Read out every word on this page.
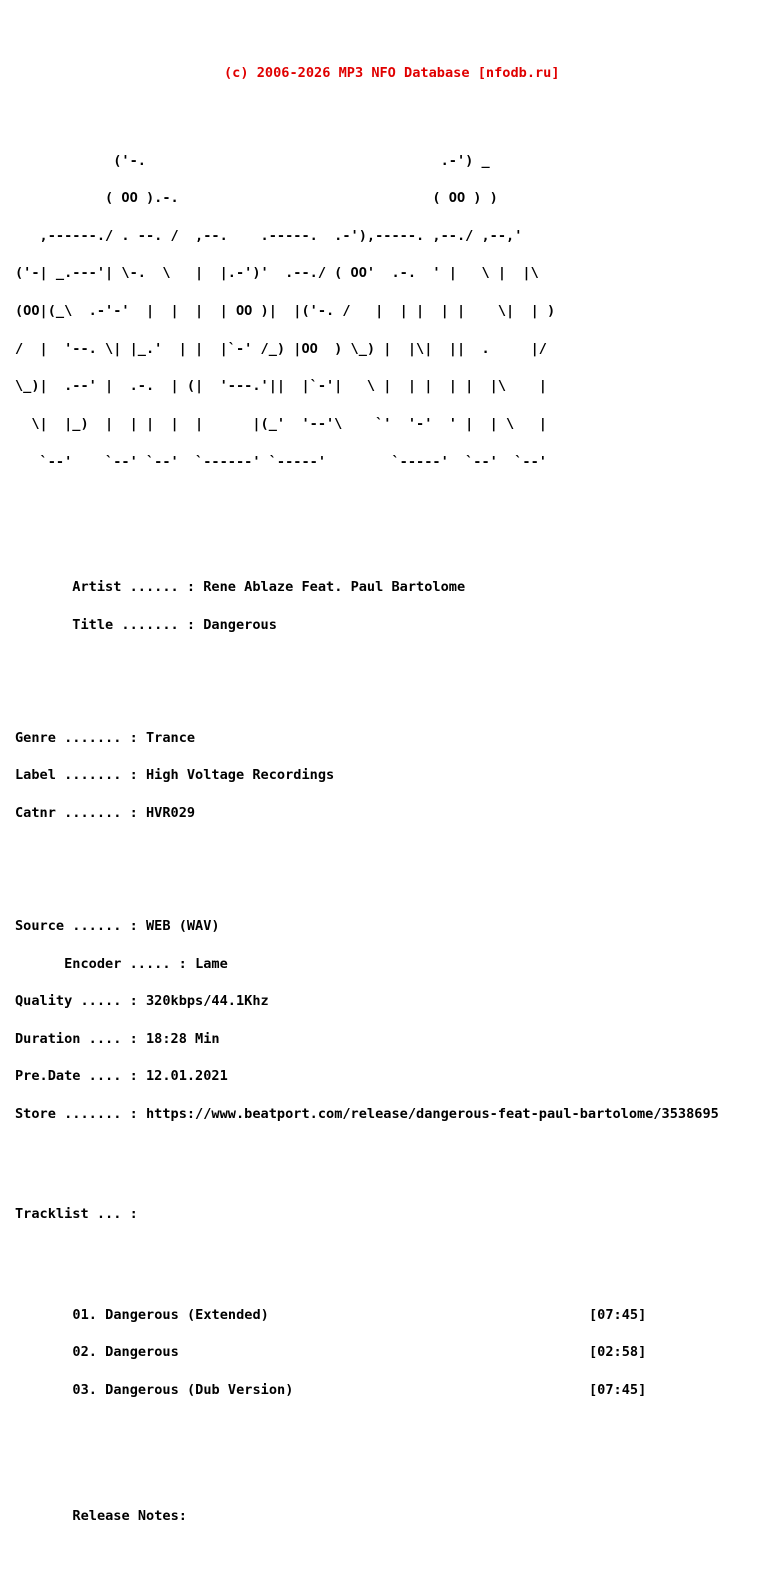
(c) 2006-2026 MP3 NFO Database [nfodb.ru]

('-.                                    .-') _

( OO ).-.                               ( OO ) )

,------./ . --. /  ,--.    .-----.  .-'),-----. ,--./ ,--,'

('-| _.---'| \-.  \   |  |.-')'  .--./ ( OO'  .-.  ' |   \ |  |\

(OO|(_\  .-'-'  |  |  |  | OO )|  |('-. /   |  | |  | |    \|  | )

/  |  '--. \| |_.'  | |  |`-' /_) |OO  ) \_) |  |\|  ||  .     |/

\_)|  .--' |  .-.  | (|  '---.'||  |`-'|   \ |  | |  | |  |\    |

\|  |_)  |  | |  |  |      |(_'  '--'\    `'  '-'  ' |  | \   |

`--'    `--' `--'  `------' `-----'        `-----'  `--'  `--'

Artist ...... : Rene Ablaze Feat. Paul Bartolome

Title ....... : Dangerous

Genre ....... : Trance

Label ....... : High Voltage Recordings

Catnr ....... : HVR029

Source ...... : WEB (WAV)

Encoder ..... : Lame

Quality ..... : 320kbps/44.1Khz

Duration .... : 18:28 Min

Pre.Date .... : 12.01.2021

Store ....... : https://www.beatport.com/release/dangerous-feat-paul-bartolome/3538695

Tracklist ... :

01. Dangerous (Extended)	[07:45]

02. Dangerous	[02:58]

03. Dangerous (Dub Version)	[07:45]

Release Notes:
